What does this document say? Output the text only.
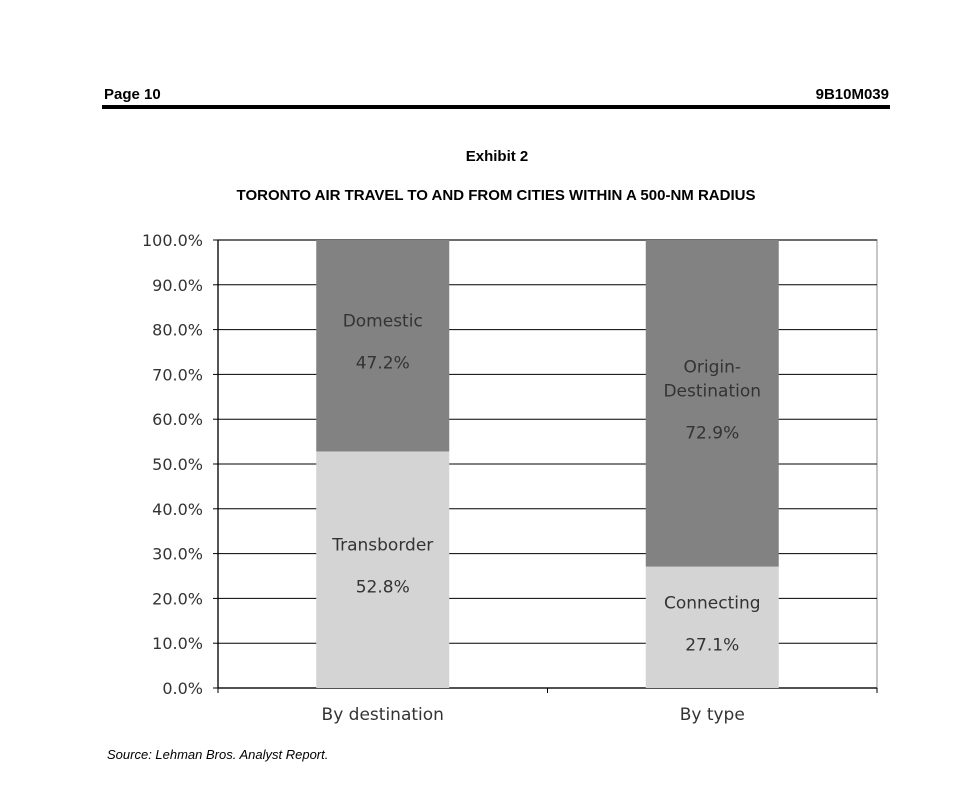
Page 10	9B10M039
Exhibit 2
TORONTO AIR TRAVEL TO AND FROM CITIES WITHIN A 500-NM RADIUS
0.0%
10.0%
20.0%
30.0%
40.0%
50.0%
60.0%
70.0%
80.0%
90.0%
100.0%
Transborder
52.8%
Domestic
47.2%
By destination
Connecting
27.1%
Origin-
Destination
72.9%
By type
Source: Lehman Bros. Analyst Report.
